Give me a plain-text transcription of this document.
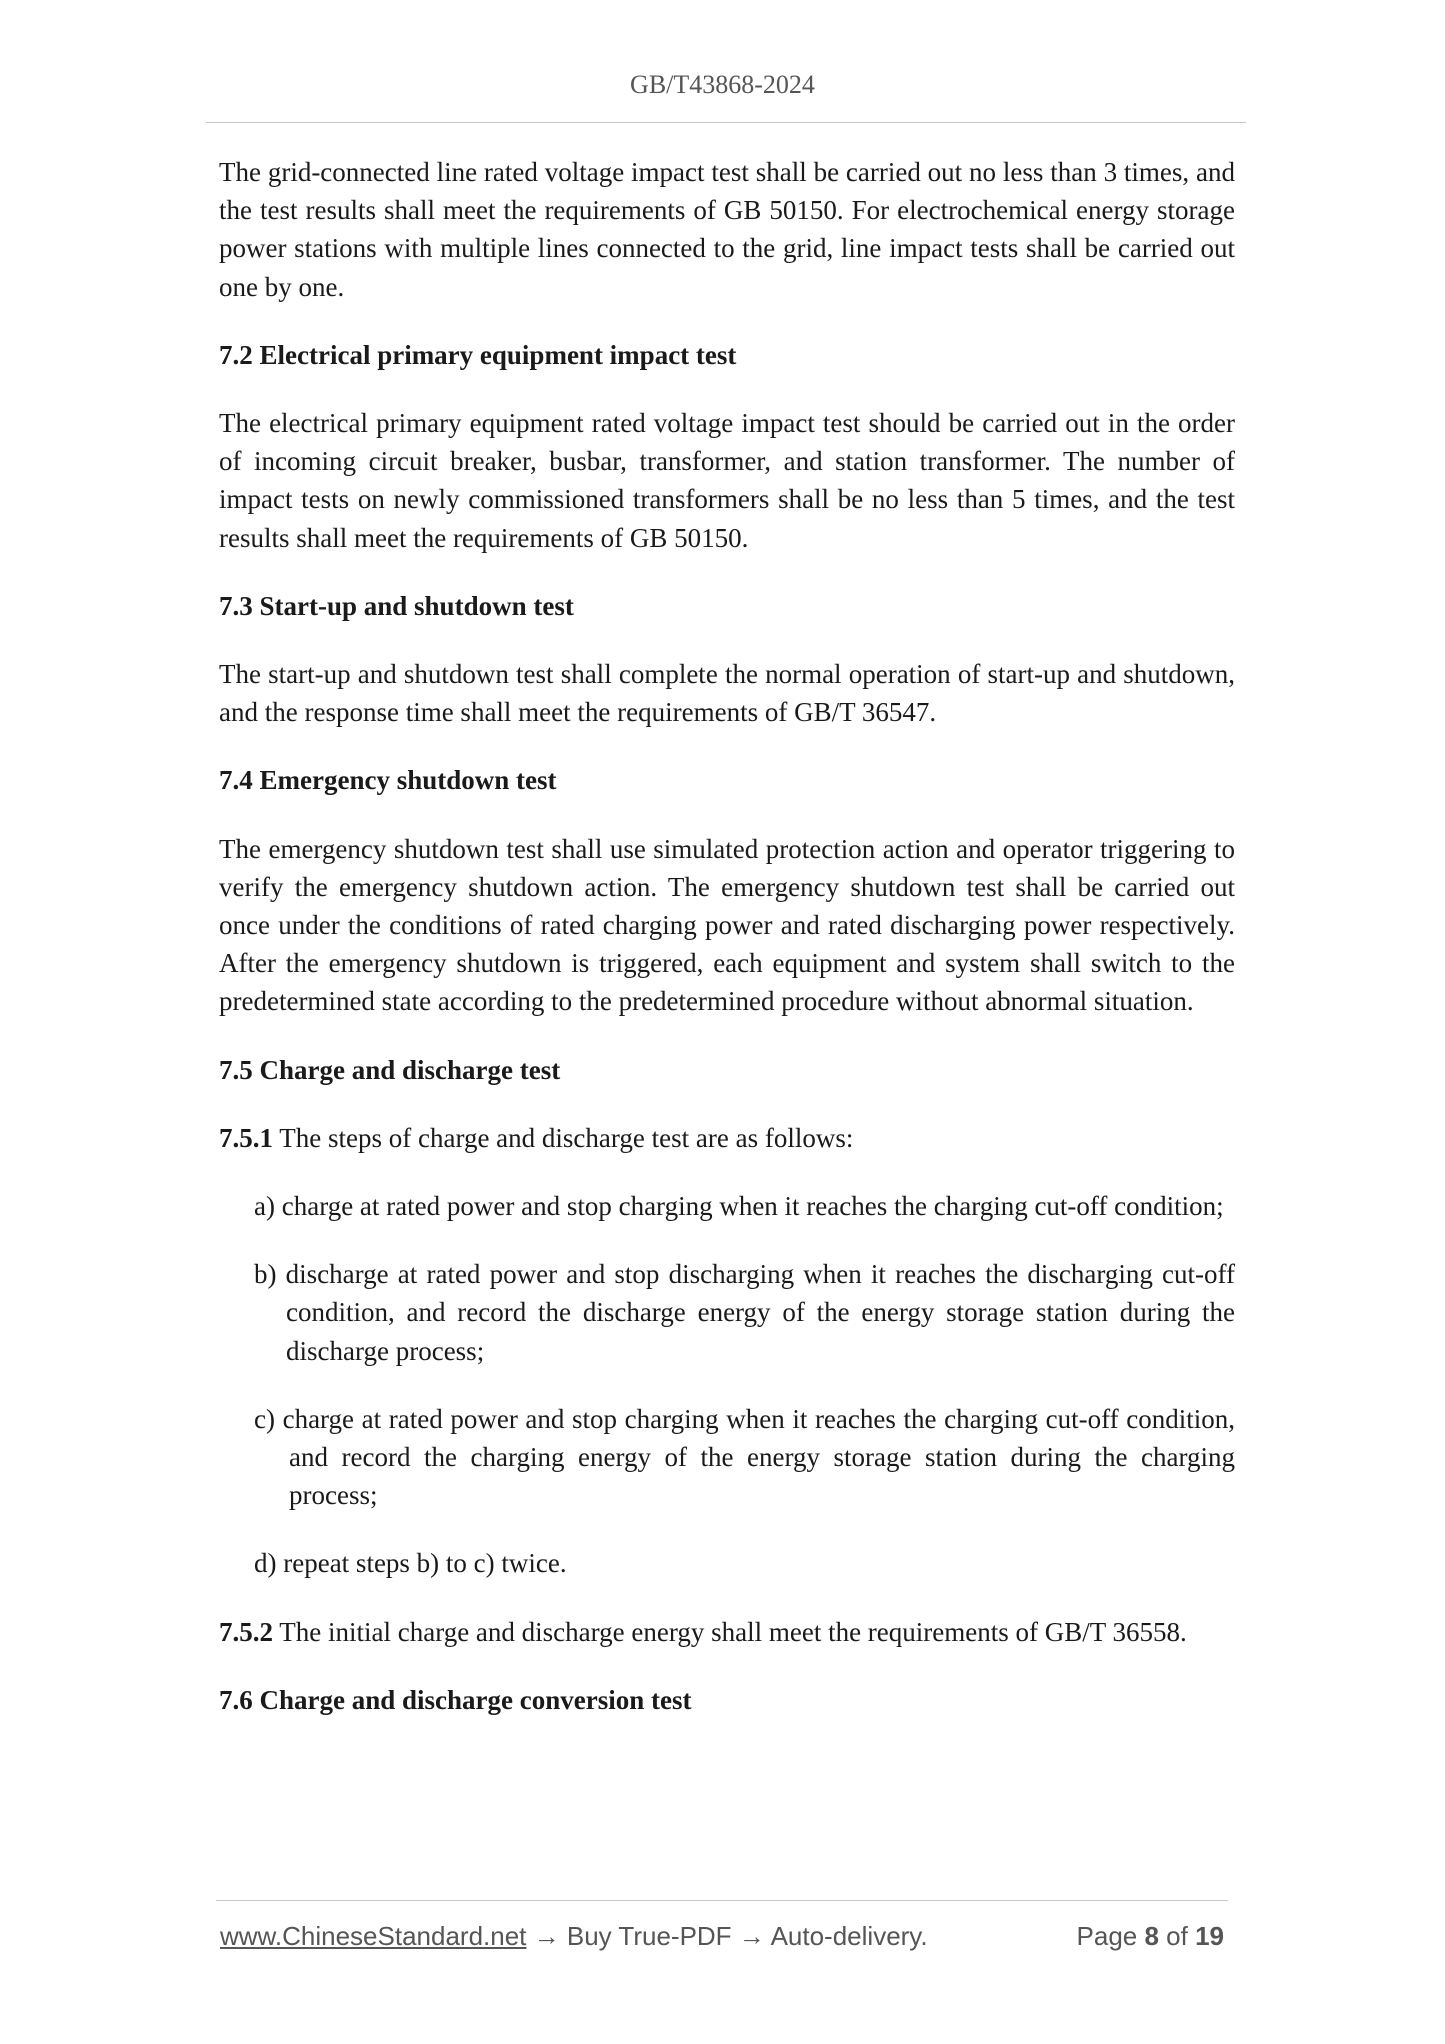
GB/T43868-2024

The grid-connected line rated voltage impact test shall be carried out no less than 3 times, and the test results shall meet the requirements of GB 50150. For electrochemical energy storage power stations with multiple lines connected to the grid, line impact tests shall be carried out one by one.

7.2 Electrical primary equipment impact test

The electrical primary equipment rated voltage impact test should be carried out in the order of incoming circuit breaker, busbar, transformer, and station transformer. The number of impact tests on newly commissioned transformers shall be no less than 5 times, and the test results shall meet the requirements of GB 50150.

7.3 Start-up and shutdown test

The start-up and shutdown test shall complete the normal operation of start-up and shutdown, and the response time shall meet the requirements of GB/T 36547.

7.4 Emergency shutdown test

The emergency shutdown test shall use simulated protection action and operator triggering to verify the emergency shutdown action. The emergency shutdown test shall be carried out once under the conditions of rated charging power and rated discharging power respectively. After the emergency shutdown is triggered, each equipment and system shall switch to the predetermined state according to the predetermined procedure without abnormal situation.

7.5 Charge and discharge test

7.5.1 The steps of charge and discharge test are as follows:

a) charge at rated power and stop charging when it reaches the charging cut-off condition;
b) discharge at rated power and stop discharging when it reaches the discharging cut-off condition, and record the discharge energy of the energy storage station during the discharge process;
c) charge at rated power and stop charging when it reaches the charging cut-off condition, and record the charging energy of the energy storage station during the charging process;
d) repeat steps b) to c) twice.

7.5.2 The initial charge and discharge energy shall meet the requirements of GB/T 36558.

7.6 Charge and discharge conversion test
www.ChineseStandard.net → Buy True-PDF → Auto-delivery.	Page 8 of 19
